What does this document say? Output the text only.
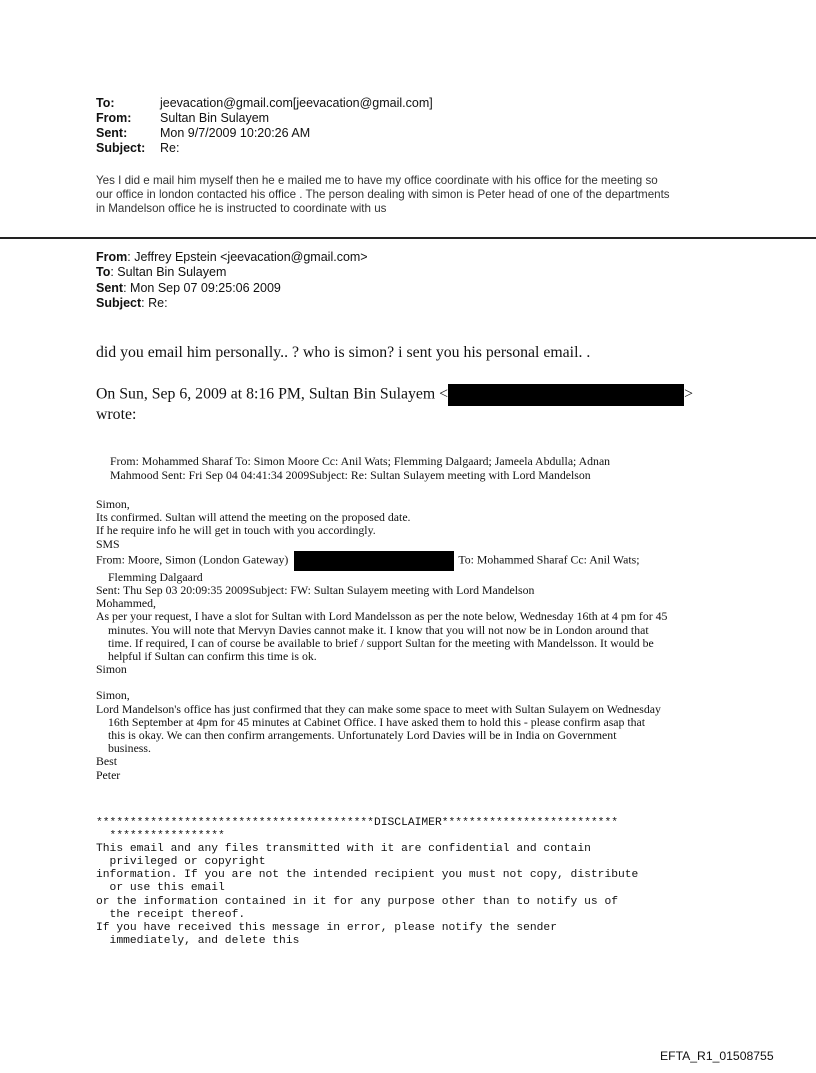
To:	jeevacation@gmail.com[jeevacation@gmail.com]
From:	Sultan Bin Sulayem
Sent:	Mon 9/7/2009 10:20:26 AM
Subject:	Re:
Yes I did e mail him myself then he e mailed me to have my office coordinate with his office for the meeting so
our office in london contacted his office . The person dealing with simon is Peter head of one of the departments
in Mandelson office he is instructed to coordinate with us
From: Jeffrey Epstein <jeevacation@gmail.com>
To: Sultan Bin Sulayem
Sent: Mon Sep 07 09:25:06 2009
Subject: Re:
did you email him personally.. ? who is simon? i sent you his personal email. .
On Sun, Sep 6, 2009 at 8:16 PM, Sultan Bin Sulayem <	>
wrote:
From: Mohammed Sharaf To: Simon Moore Cc: Anil Wats; Flemming Dalgaard; Jameela Abdulla; Adnan
Mahmood Sent: Fri Sep 04 04:41:34 2009Subject: Re: Sultan Sulayem meeting with Lord Mandelson

Simon,

Its confirmed. Sultan will attend the meeting on the proposed date.

If he require info he will get in touch with you accordingly.

SMS

From: Moore, Simon (London Gateway)	To: Mohammed Sharaf Cc: Anil Wats;

Flemming Dalgaard

Sent: Thu Sep 03 20:09:35 2009Subject: FW: Sultan Sulayem meeting with Lord Mandelson

Mohammed,

As per your request, I have a slot for Sultan with Lord Mandelsson as per the note below, Wednesday 16th at 4 pm for 45

minutes. You will note that Mervyn Davies cannot make it. I know that you will not now be in London around that

time. If required, I can of course be available to brief / support Sultan for the meeting with Mandelsson. It would be

helpful if Sultan can confirm this time is ok.

Simon

Simon,

Lord Mandelson's office has just confirmed that they can make some space to meet with Sultan Sulayem on Wednesday

16th September at 4pm for 45 minutes at Cabinet Office. I have asked them to hold this - please confirm asap that

this is okay. We can then confirm arrangements. Unfortunately Lord Davies will be in India on Government

business.

Best

Peter

*****************************************DISCLAIMER**************************
*****************
This email and any files transmitted with it are confidential and contain
privileged or copyright
information. If you are not the intended recipient you must not copy, distribute
or use this email
or the information contained in it for any purpose other than to notify us of
the receipt thereof.
If you have received this message in error, please notify the sender
immediately, and delete this
EFTA_R1_01508755
